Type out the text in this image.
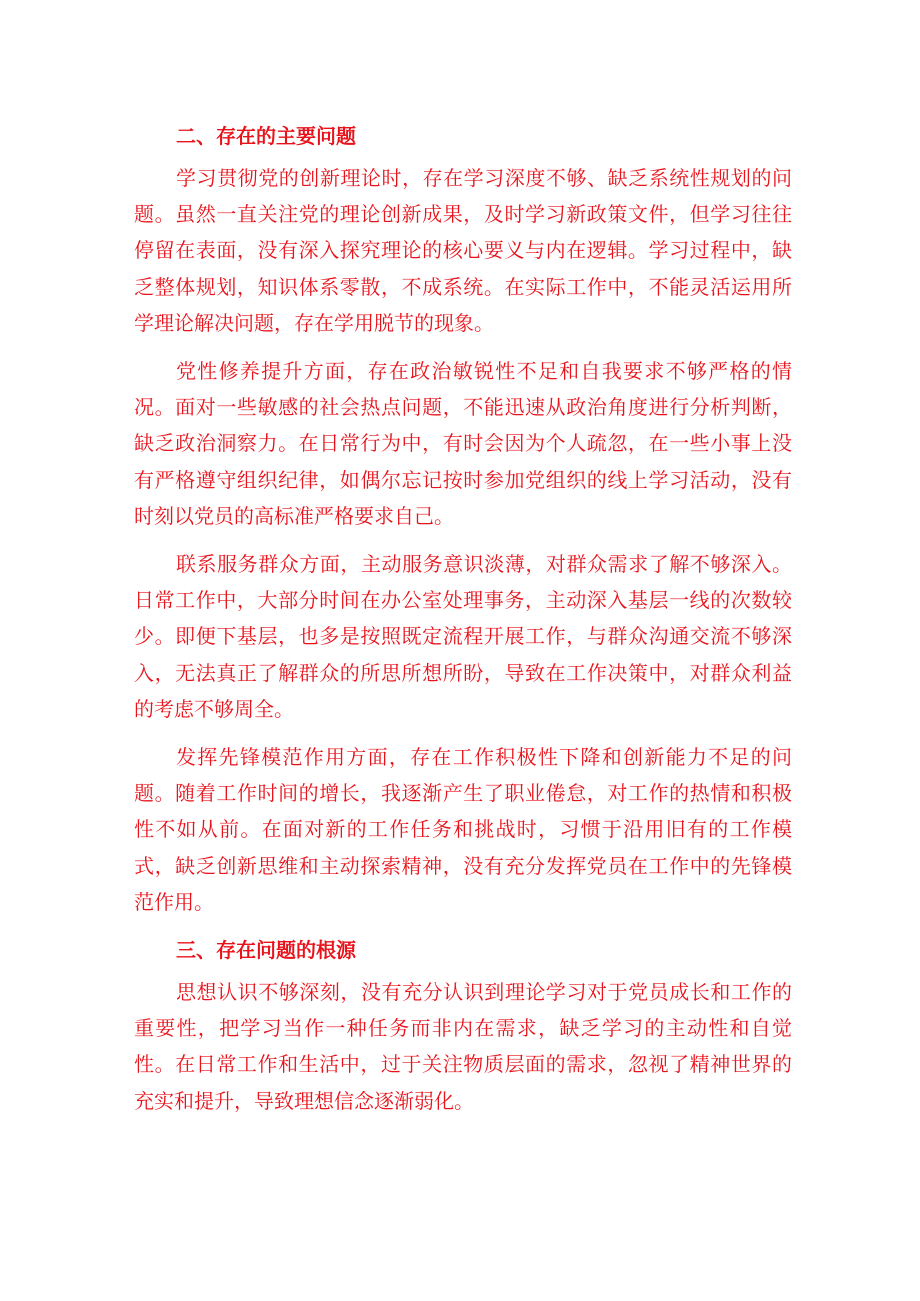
二、存在的主要问题

学习贯彻党的创新理论时，存在学习深度不够、缺乏系统性规划的问题。虽然一直关注党的理论创新成果，及时学习新政策文件，但学习往往停留在表面，没有深入探究理论的核心要义与内在逻辑。学习过程中，缺乏整体规划，知识体系零散，不成系统。在实际工作中，不能灵活运用所学理论解决问题，存在学用脱节的现象。

党性修养提升方面，存在政治敏锐性不足和自我要求不够严格的情况。面对一些敏感的社会热点问题，不能迅速从政治角度进行分析判断，缺乏政治洞察力。在日常行为中，有时会因为个人疏忽，在一些小事上没有严格遵守组织纪律，如偶尔忘记按时参加党组织的线上学习活动，没有时刻以党员的高标准严格要求自己。

联系服务群众方面，主动服务意识淡薄，对群众需求了解不够深入。日常工作中，大部分时间在办公室处理事务，主动深入基层一线的次数较少。即便下基层，也多是按照既定流程开展工作，与群众沟通交流不够深入，无法真正了解群众的所思所想所盼，导致在工作决策中，对群众利益的考虑不够周全。

发挥先锋模范作用方面，存在工作积极性下降和创新能力不足的问题。随着工作时间的增长，我逐渐产生了职业倦怠，对工作的热情和积极性不如从前。在面对新的工作任务和挑战时，习惯于沿用旧有的工作模式，缺乏创新思维和主动探索精神，没有充分发挥党员在工作中的先锋模范作用。

三、存在问题的根源

思想认识不够深刻，没有充分认识到理论学习对于党员成长和工作的重要性，把学习当作一种任务而非内在需求，缺乏学习的主动性和自觉性。在日常工作和生活中，过于关注物质层面的需求，忽视了精神世界的充实和提升，导致理想信念逐渐弱化。
